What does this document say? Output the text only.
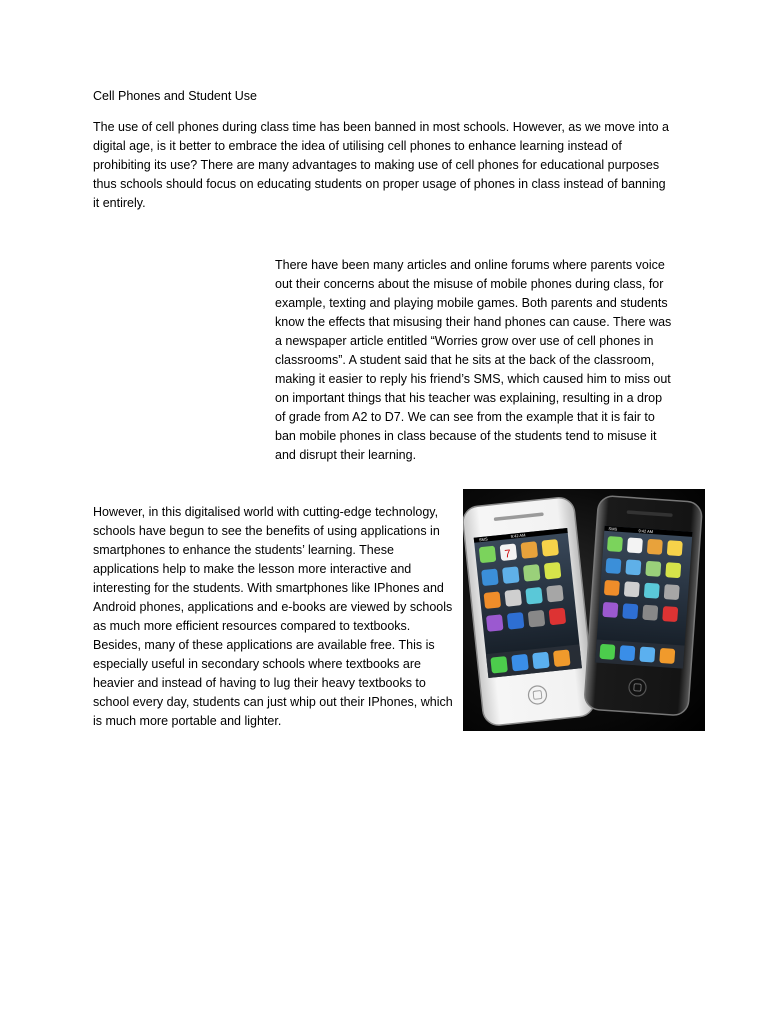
Cell Phones and Student Use

The use of cell phones during class time has been banned in most schools. However, as we move into a digital age, is it better to embrace the idea of utilising cell phones to enhance learning instead of prohibiting its use? There are many advantages to making use of cell phones for educational purposes thus schools should focus on educating students on proper usage of phones in class instead of banning it entirely.

There have been many articles and online forums where parents voice out their concerns about the misuse of mobile phones during class, for example, texting and playing mobile games. Both parents and students know the effects that misusing their hand phones can cause. There was a newspaper article entitled “Worries grow over use of cell phones in classrooms”. A student said that he sits at the back of the classroom, making it easier to reply his friend’s SMS, which caused him to miss out on important things that his teacher was explaining, resulting in a drop of grade from A2 to D7. We can see from the example that it is fair to ban mobile phones in class because of the students tend to misuse it and disrupt their learning.

However, in this digitalised world with cutting-edge technology, schools have begun to see the benefits of using applications in smartphones to enhance the students’ learning. These applications help to make the lesson more interactive and interesting for the students. With smartphones like IPhones and Android phones, applications and e-books are viewed by schools as much more efficient resources compared to textbooks. Besides, many of these applications are available free. This is especially useful in secondary schools where textbooks are heavier and instead of having to lug their heavy textbooks to school every day, students can just whip out their IPhones, which is much more portable and lighter.

SMS
9:42 AM
7
SMS	9:42 AM
